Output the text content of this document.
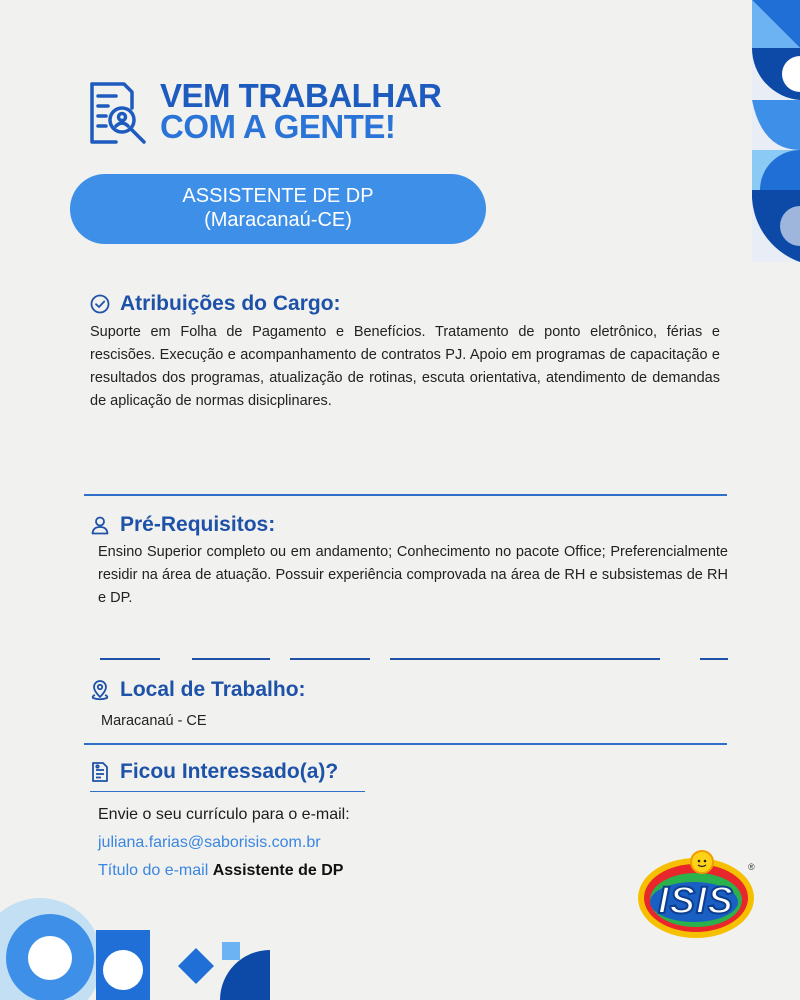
VEM TRABALHAR
COM A GENTE!
ASSISTENTE DE DP
(Maracanaú-CE)
Atribuições do Cargo:

Suporte em Folha de Pagamento e Benefícios. Tratamento de ponto eletrônico, férias e rescisões. Execução e acompanhamento de contratos PJ. Apoio em programas de capacitação e resultados dos programas, atualização de rotinas, escuta orientativa, atendimento de demandas de aplicação de normas disicplinares.

Pré-Requisitos:

Ensino Superior completo ou em andamento; Conhecimento no pacote Office; Preferencialmente residir na área de atuação. Possuir experiência comprovada na área de RH e subsistemas de RH e DP.

Local de Trabalho:

Maracanaú - CE

Ficou Interessado(a)?
Envie o seu currículo para o e-mail:
juliana.farias@saborisis.com.br
Título do e-mail Assistente de DP
ISIS
®
